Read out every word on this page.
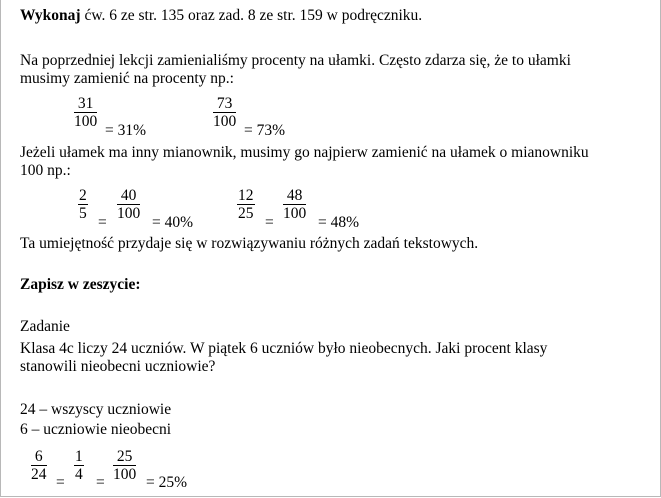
Wykonaj ćw. 6 ze str. 135 oraz zad. 8 ze str. 159 w podręczniku.
Na poprzedniej lekcji zamienialiśmy procenty na ułamki. Często zdarza się, że to ułamki
musimy zamienić na procenty np.:
$\frac{31}{100}$
= 31%
$\frac{73}{100}$
= 73%
Jeżeli ułamek ma inny mianownik, musimy go najpierw zamienić na ułamek o mianowniku
100 np.:
$\frac{2}{5}$
=
$\frac{40}{100}$
= 40%
$\frac{12}{25}$
=
$\frac{48}{100}$
= 48%
Ta umiejętność przydaje się w rozwiązywaniu różnych zadań tekstowych.
Zapisz w zeszycie:
Zadanie
Klasa 4c liczy 24 uczniów. W piątek 6 uczniów było nieobecnych. Jaki procent klasy
stanowili nieobecni uczniowie?
24 – wszyscy uczniowie
6 – uczniowie nieobecni
$\frac{6}{24} = \frac{1}{4} = \frac{25}{100} = 25\%$
